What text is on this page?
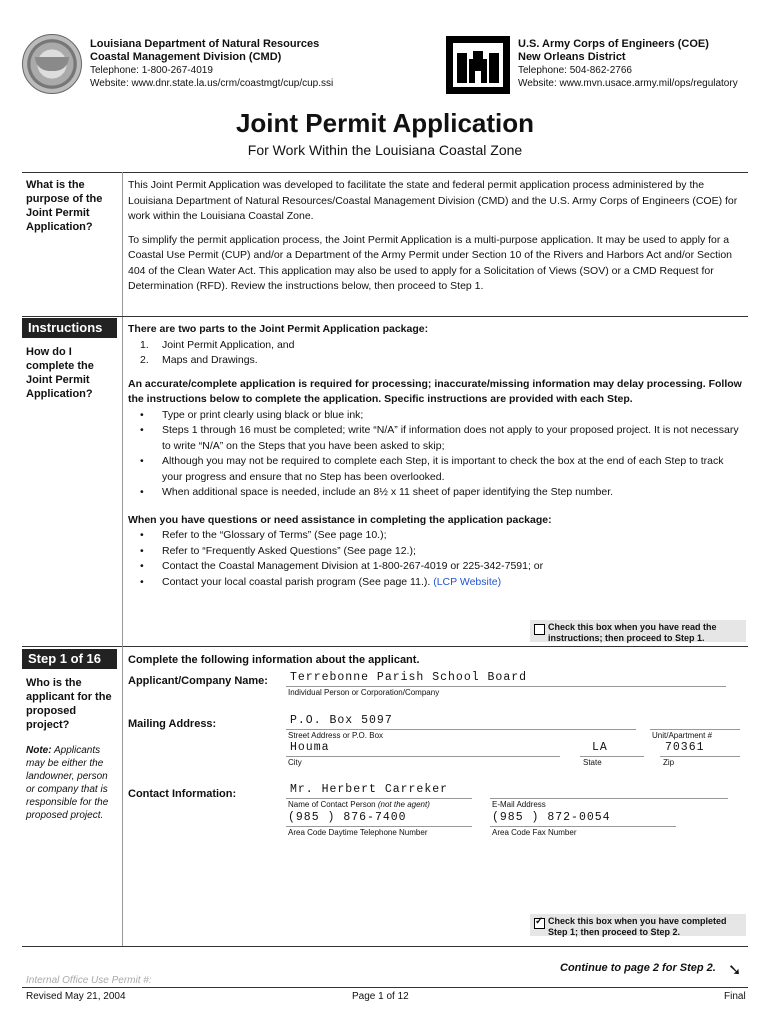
Louisiana Department of Natural Resources
Coastal Management Division (CMD)
Telephone: 1-800-267-4019
Website: www.dnr.state.la.us/crm/coastmgt/cup/cup.ssi
U.S. Army Corps of Engineers (COE)
New Orleans District
Telephone: 504-862-2766
Website: www.mvn.usace.army.mil/ops/regulatory
Joint Permit Application
For Work Within the Louisiana Coastal Zone
What is the purpose of the Joint Permit Application?

This Joint Permit Application was developed to facilitate the state and federal permit application process administered by the Louisiana Department of Natural Resources/Coastal Management Division (CMD) and the U.S. Army Corps of Engineers (COE) for work within the Louisiana Coastal Zone.

To simplify the permit application process, the Joint Permit Application is a multi-purpose application. It may be used to apply for a Coastal Use Permit (CUP) and/or a Department of the Army Permit under Section 10 of the Rivers and Harbors Act and/or Section 404 of the Clean Water Act. This application may also be used to apply for a Solicitation of Views (SOV) or a CMD Request for Determination (RFD). Review the instructions below, then proceed to Step 1.

Instructions
How do I complete the Joint Permit Application?
There are two parts to the Joint Permit Application package:
1. Joint Permit Application, and
2. Maps and Drawings.
An accurate/complete application is required for processing; inaccurate/missing information may delay processing. Follow the instructions below to complete the application. Specific instructions are provided with each Step.
• Type or print clearly using black or blue ink;
• Steps 1 through 16 must be completed; write “N/A” if information does not apply to your proposed project. It is not necessary to write “N/A” on the Steps that you have been asked to skip;
• Although you may not be required to complete each Step, it is important to check the box at the end of each Step to track your progress and ensure that no Step has been overlooked.
• When additional space is needed, include an 8½ x 11 sheet of paper identifying the Step number.
When you have questions or need assistance in completing the application package:
• Refer to the “Glossary of Terms” (See page 10.);
• Refer to “Frequently Asked Questions” (See page 12.);
• Contact the Coastal Management Division at 1-800-267-4019 or 225-342-7591; or
• Contact your local coastal parish program (See page 11.). (LCP Website)
Check this box when you have read the instructions; then proceed to Step 1.
Step 1 of 16
Who is the applicant for the proposed project?
Note: Applicants may be either the landowner, person or company that is responsible for the proposed project.
Complete the following information about the applicant.
Applicant/Company Name: Terrebonne Parish School Board
Individual Person or Corporation/Company
Mailing Address:	P.O. Box 5097
Street Address or P.O. Box	Unit/Apartment #
Houma	LA	70361
City	State	Zip
Contact Information:	Mr. Herbert Carreker
Name of Contact Person (not the agent)	E-Mail Address
(985 ) 876-7400
Area Code Daytime Telephone Number
(985 ) 872-0054
Area Code Fax Number
✓
Check this box when you have completed Step 1; then proceed to Step 2.
Continue to page 2 for Step 2. ➘
Internal Office Use Permit #:
Revised May 21, 2004	Page 1 of 12	Final
